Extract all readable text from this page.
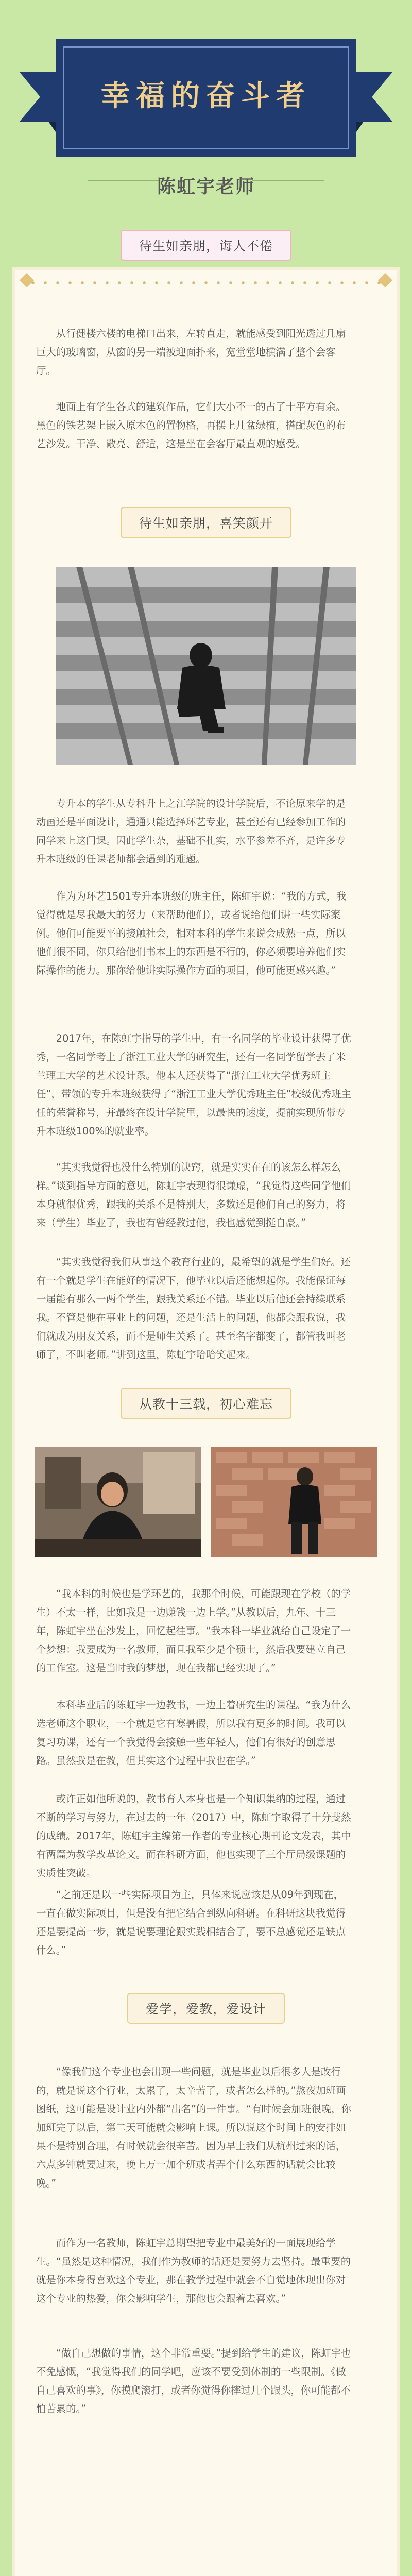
幸福的奋斗者
陈虹宇老师
待生如亲朋，诲人不倦

从行健楼六楼的电梯口出来，左转直走，就能感受到阳光透过几扇巨大的玻璃窗，从窗的另一端被迎面扑来，宽堂堂地横满了整个会客厅。

地面上有学生各式的建筑作品，它们大小不一的占了十平方有余。黑色的铁艺架上嵌入原木色的置物格，再摆上几盆绿植，搭配灰色的布艺沙发。干净、敞亮、舒适，这是坐在会客厅最直观的感受。

待生如亲朋，喜笑颜开

专升本的学生从专科升上之江学院的设计学院后，不论原来学的是动画还是平面设计，通通只能选择环艺专业，甚至还有已经参加工作的同学来上这门课。因此学生杂，基础不扎实，水平参差不齐，是许多专升本班级的任课老师都会遇到的难题。

作为为环艺1501专升本班级的班主任，陈虹宇说：“我的方式，我觉得就是尽我最大的努力（来帮助他们），或者说给他们讲一些实际案例。他们可能要平的接触社会，相对本科的学生来说会成熟一点，所以他们很不同，你只给他们书本上的东西是不行的，你必须要培养他们实际操作的能力。那你给他讲实际操作方面的项目，他可能更感兴趣。”

2017年，在陈虹宇指导的学生中，有一名同学的毕业设计获得了优秀，一名同学考上了浙江工业大学的研究生，还有一名同学留学去了米兰理工大学的艺术设计系。他本人还获得了“浙江工业大学优秀班主任”，带领的专升本班级获得了“浙江工业大学优秀班主任”校级优秀班主任的荣誉称号，并最终在设计学院里，以最快的速度，提前实现所带专升本班级100%的就业率。

“其实我觉得也没什么特别的诀窍，就是实实在在的该怎么样怎么样。”谈到指导方面的意见，陈虹宇表现得很谦虚，“我觉得这些同学他们本身就很优秀，跟我的关系不是特别大，多数还是他们自己的努力，将来（学生）毕业了，我也有曾经教过他，我也感觉到挺自豪。”

“其实我觉得我们从事这个教育行业的，最希望的就是学生们好。还有一个就是学生在能好的情况下，他毕业以后还能想起你。我能保证每一届能有那么一两个学生，跟我关系还不错。毕业以后他还会持续联系我。不管是他在事业上的问题，还是生活上的问题，他都会跟我说，我们就成为朋友关系，而不是师生关系了。甚至名字都变了，都管我叫老师了，不叫老师。”讲到这里，陈虹宇哈哈笑起来。

从教十三载，初心难忘

“我本科的时候也是学环艺的，我那个时候，可能跟现在学校（的学生）不太一样，比如我是一边赚钱一边上学。”从教以后，九年、十三年，陈虹宇坐在沙发上，回忆起往事。“我本科一毕业就给自己设定了一个梦想：我要成为一名教师，而且我至少是个硕士，然后我要建立自己的工作室。这是当时我的梦想，现在我都已经实现了。”

本科毕业后的陈虹宇一边教书，一边上着研究生的课程。“我为什么选老师这个职业，一个就是它有寒暑假，所以我有更多的时间。我可以复习功课，还有一个我觉得会接触一些年轻人，他们有很好的创意思路。虽然我是在教，但其实这个过程中我也在学。”

或许正如他所说的，教书育人本身也是一个知识集纳的过程，通过不断的学习与努力，在过去的一年（2017）中，陈虹宇取得了十分斐然的成绩。2017年，陈虹宇主编第一作者的专业核心期刊论文发表，其中有两篇为教学改革论文。而在科研方面，他也实现了三个厅局级课题的实质性突破。

“之前还是以一些实际项目为主，具体来说应该是从09年到现在，一直在做实际项目，但是没有把它结合到纵向科研。在科研这块我觉得还是要提高一步，就是说要理论跟实践相结合了，要不总感觉还是缺点什么。”

爱学，爱教，爱设计

“像我们这个专业也会出现一些问题，就是毕业以后很多人是改行的，就是说这个行业，太累了，太辛苦了，或者怎么样的。”熬夜加班画图纸，这可能是设计业内外都“出名”的一件事。“有时候会加班很晚，你加班完了以后，第二天可能就会影响上课。所以说这个时间上的安排如果不是特别合理，有时候就会很辛苦。因为早上我们从杭州过来的话，六点多钟就要过来，晚上万一加个班或者弄个什么东西的话就会比较晚。”

而作为一名教师，陈虹宇总期望把专业中最美好的一面展现给学生。“虽然是这种情况，我们作为教师的话还是要努力去坚持。最重要的就是你本身得喜欢这个专业，那在教学过程中就会不自觉地体现出你对这个专业的热爱，你会影响学生，那他也会跟着去喜欢。”

“做自己想做的事情，这个非常重要。”提到给学生的建议，陈虹宇也不免感慨，“我觉得我们的同学吧，应该不要受到体制的一些限制。《做自己喜欢的事》，你摸爬滚打，或者你觉得你摔过几个跟头，你可能都不怕苦累的。”
